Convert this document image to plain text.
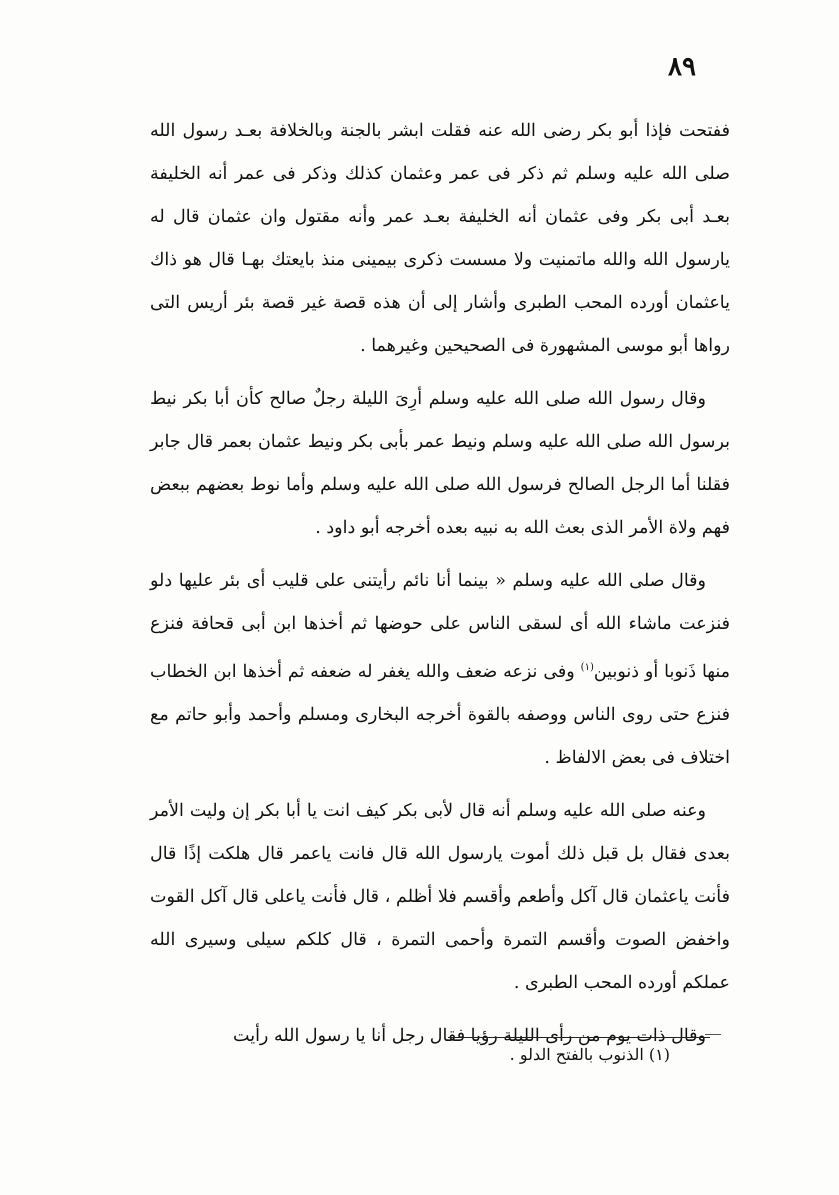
٨٩

ففتحت فإذا أبو بكر رضى الله عنه فقلت ابشر بالجنة وبالخلافة بعـد رسول الله صلى الله عليه وسلم ثم ذكر فى عمر وعثمان كذلك وذكر فى عمر أنه الخليفة بعـد أبى بكر وفى عثمان أنه الخليفة بعـد عمر وأنه مقتول وان عثمان قال له يارسول الله والله ماتمنيت ولا مسست ذكرى بيمينى منذ بايعتك بهـا قال هو ذاك ياعثمان أورده المحب الطبرى وأشار إلى أن هذه قصة غير قصة بئر أريس التى رواها أبو موسى المشهورة فى الصحيحين وغيرهما .

وقال رسول الله صلى الله عليه وسلم أرِىَ الليلة رجلٌ صالح كأن أبا بكر نيط برسول الله صلى الله عليه وسلم ونيط عمر بأبى بكر ونيط عثمان بعمر قال جابر فقلنا أما الرجل الصالح فرسول الله صلى الله عليه وسلم وأما نوط بعضهم ببعض فهم ولاة الأمر الذى بعث الله به نبيه بعده أخرجه أبو داود .

وقال صلى الله عليه وسلم « بينما أنا نائم رأيتنى على قليب أى بئر عليها دلو فنزعت ماشاء الله أى لسقى الناس على حوضها ثم أخذها ابن أبى قحافة فنزع منها ذَنوبا أو ذنوبين$^{(١)}$ وفى نزعه ضعف والله يغفر له ضعفه ثم أخذها ابن الخطاب فنزع حتى روى الناس ووصفه بالقوة أخرجه البخارى ومسلم وأحمد وأبو حاتم مع اختلاف فى بعض الالفاظ .

وعنه صلى الله عليه وسلم أنه قال لأبى بكر كيف انت يا أبا بكر إن وليت الأمر بعدى فقال بل قبل ذلك أموت يارسول الله قال فانت ياعمر قال هلكت إذًا قال فأنت ياعثمان قال آكل وأطعم وأقسم فلا أظلم ، قال فأنت ياعلى قال آكل القوت واخفض الصوت وأقسم التمرة وأحمى التمرة ، قال كلكم سيلى وسيرى الله عملكم أورده المحب الطبرى .

وقال ذات يوم من رأى الليلة رؤيا فقال رجل أنا يا رسول الله رأيت

(١) الذنوب بالفتح الدلو .
